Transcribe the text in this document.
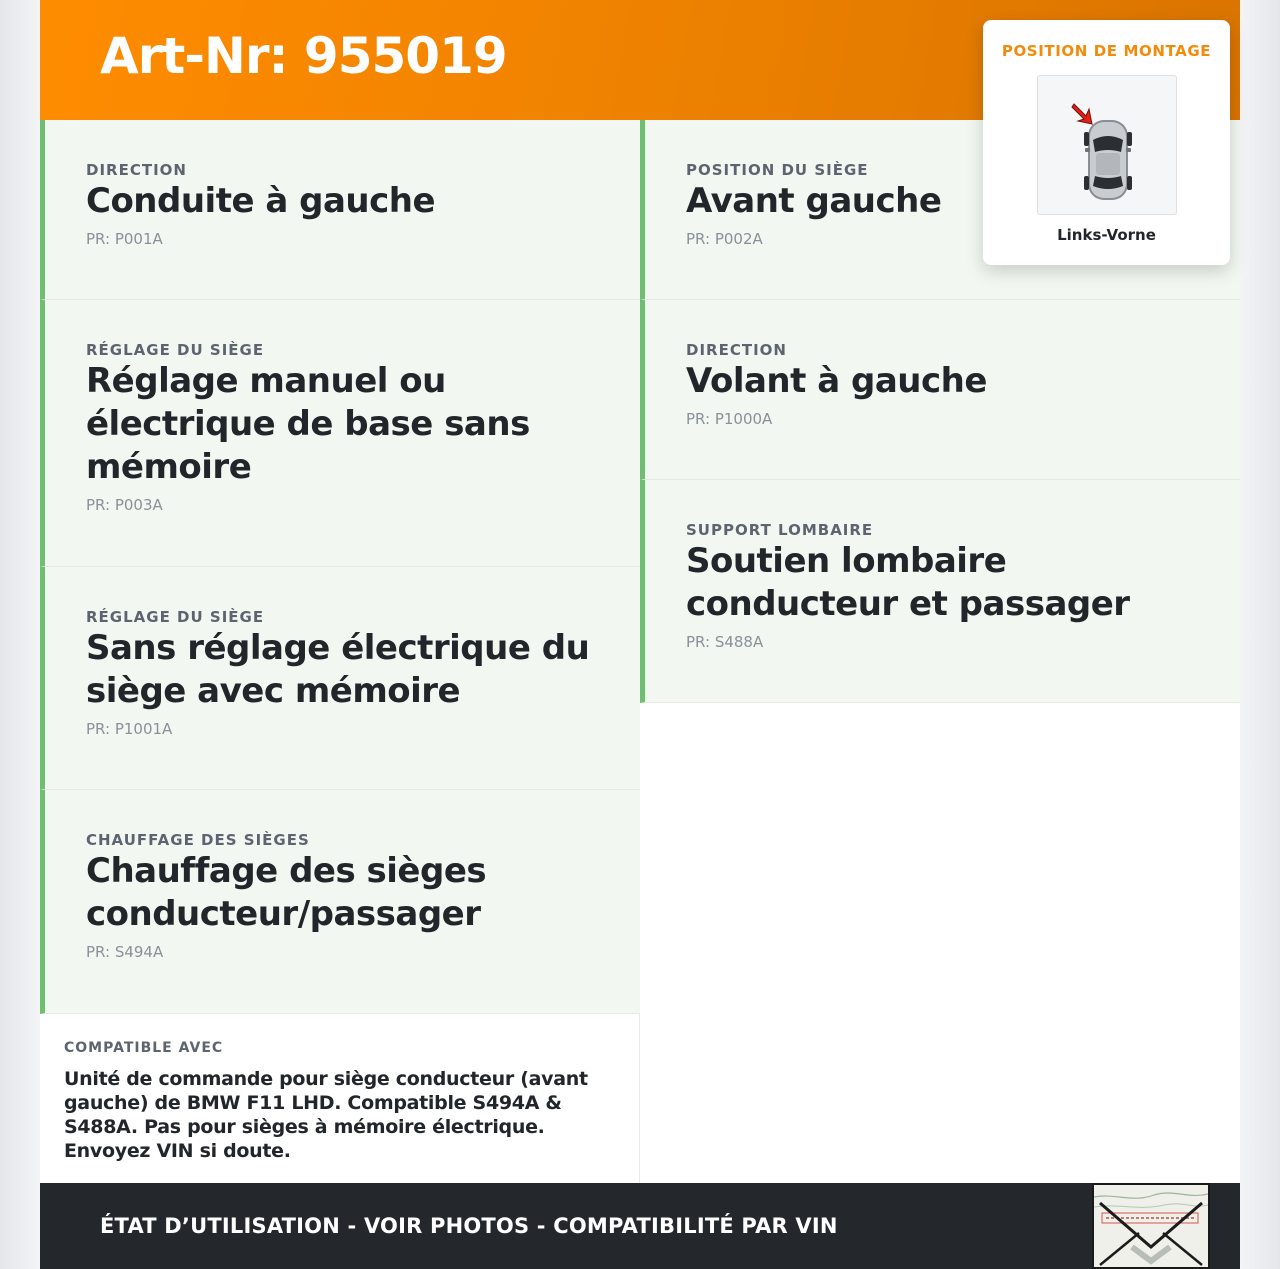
Art-Nr: 955019
DIRECTION
Conduite à gauche
PR: P001A
RÉGLAGE DU SIÈGE
Réglage manuel ou électrique de base sans mémoire
PR: P003A
RÉGLAGE DU SIÈGE
Sans réglage électrique du siège avec mémoire
PR: P1001A
CHAUFFAGE DES SIÈGES
Chauffage des sièges conducteur/passager
PR: S494A
POSITION DU SIÈGE
Avant gauche
PR: P002A
DIRECTION
Volant à gauche
PR: P1000A
SUPPORT LOMBAIRE
Soutien lombaire conducteur et passager
PR: S488A
COMPATIBLE AVEC
Unité de commande pour siège conducteur (avant gauche) de BMW F11 LHD. Compatible S494A & S488A. Pas pour sièges à mémoire électrique. Envoyez VIN si doute.
ÉTAT D’UTILISATION - VOIR PHOTOS - COMPATIBILITÉ PAR VIN
POSITION DE MONTAGE
Links-Vorne
